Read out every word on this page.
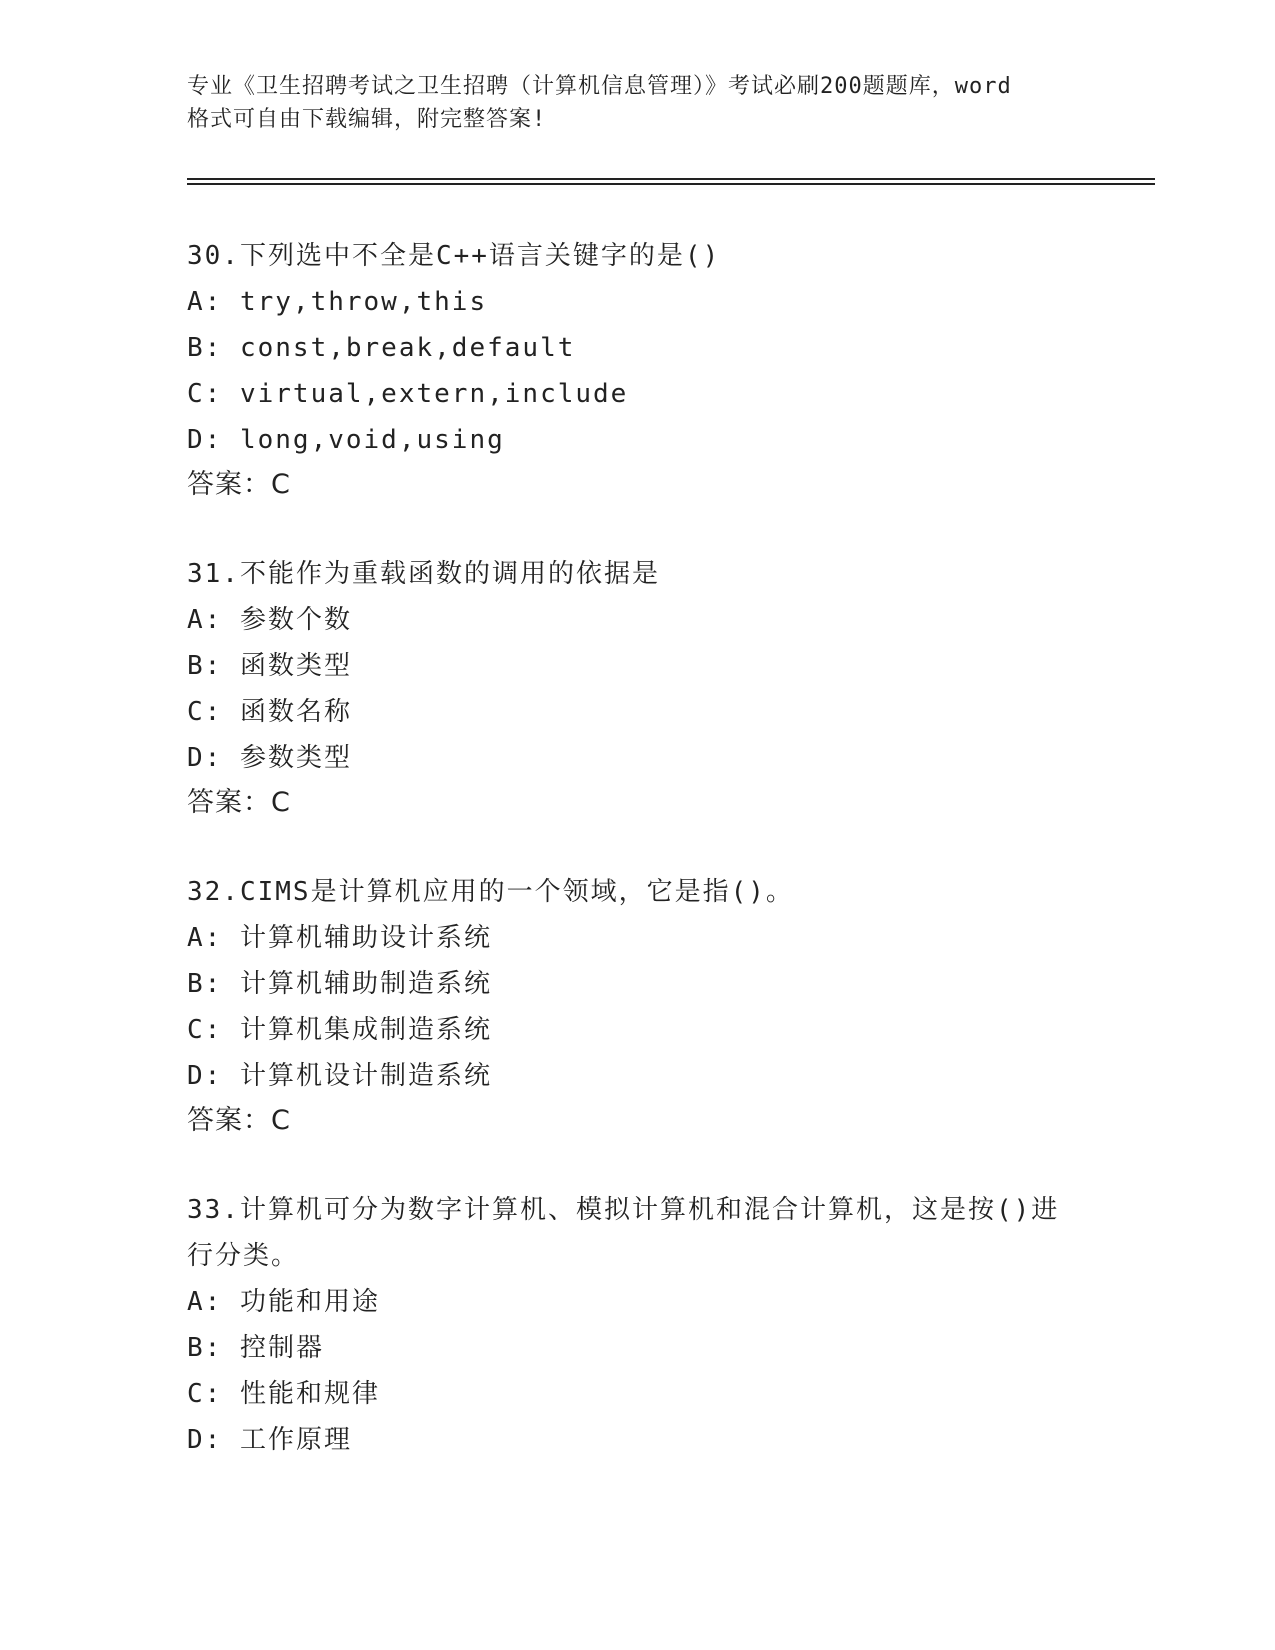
专业《卫生招聘考试之卫生招聘（计算机信息管理）》考试必刷200题题库，word
格式可自由下载编辑，附完整答案!
30.下列选中不全是C++语言关键字的是()
A: try,throw,this
B: const,break,default
C: virtual,extern,include
D: long,void,using
答案：C
31.不能作为重载函数的调用的依据是
A: 参数个数
B: 函数类型
C: 函数名称
D: 参数类型
答案：C
32.CIMS是计算机应用的一个领域，它是指()。
A: 计算机辅助设计系统
B: 计算机辅助制造系统
C: 计算机集成制造系统
D: 计算机设计制造系统
答案：C
33.计算机可分为数字计算机、模拟计算机和混合计算机，这是按()进行分类。
A: 功能和用途
B: 控制器
C: 性能和规律
D: 工作原理
